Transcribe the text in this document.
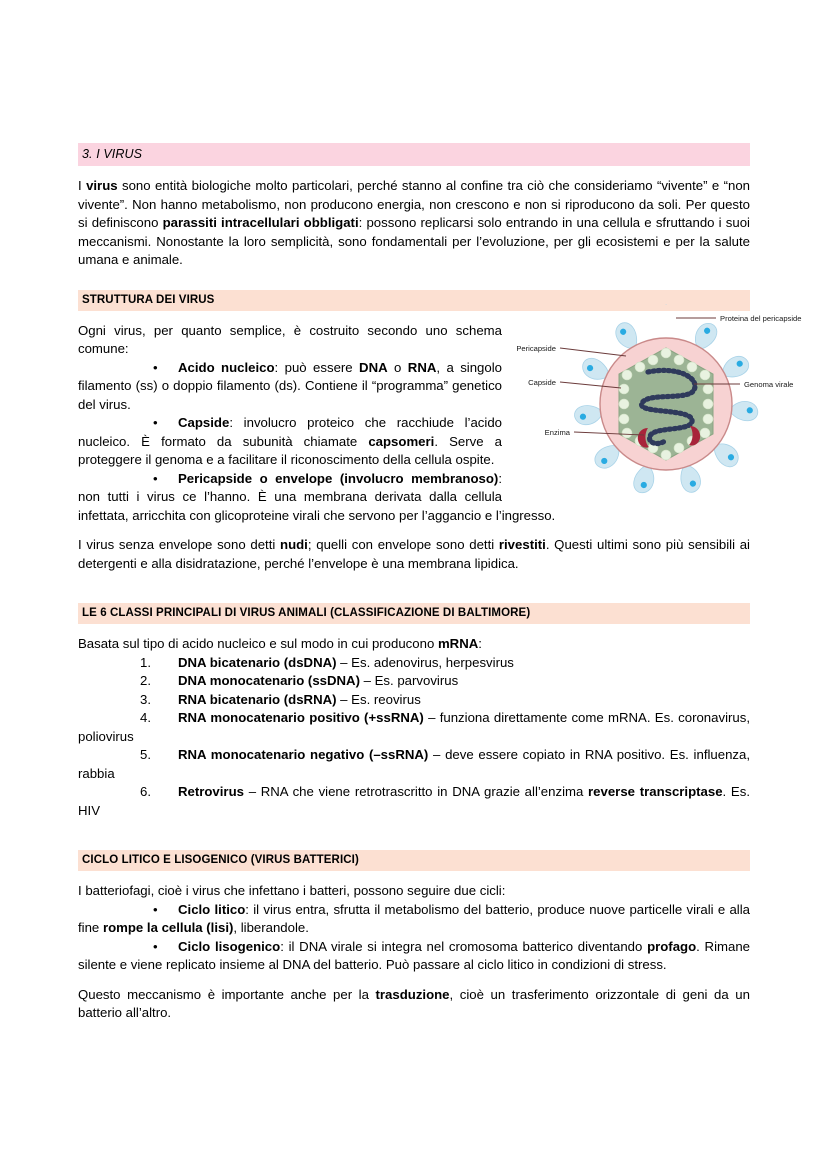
3. I VIRUS

I virus sono entità biologiche molto particolari, perché stanno al confine tra ciò che consideriamo “vivente” e “non vivente”. Non hanno metabolismo, non producono energia, non crescono e non si riproducono da soli. Per questo si definiscono parassiti intracellulari obbligati: possono replicarsi solo entrando in una cellula e sfruttando i suoi meccanismi. Nonostante la loro semplicità, sono fondamentali per l’evoluzione, per gli ecosistemi e per la salute umana e animale.

STRUTTURA DEI VIRUS
Pericapside
Capside
Enzima
Proteina del pericapside
Genoma virale

Ogni virus, per quanto semplice, è costruito secondo uno schema comune:

• Acido nucleico: può essere DNA o RNA, a singolo filamento (ss) o doppio filamento (ds). Contiene il “programma” genetico del virus.

• Capside: involucro proteico che racchiude l’acido nucleico. È formato da subunità chiamate capsomeri. Serve a proteggere il genoma e a facilitare il riconoscimento della cellula ospite.

• Pericapside o envelope (involucro membranoso): non tutti i virus ce l’hanno. È una membrana derivata dalla cellula infettata, arricchita con glicoproteine virali che servono per l’aggancio e l’ingresso.

I virus senza envelope sono detti nudi; quelli con envelope sono detti rivestiti. Questi ultimi sono più sensibili ai detergenti e alla disidratazione, perché l’envelope è una membrana lipidica.

LE 6 CLASSI PRINCIPALI DI VIRUS ANIMALI (CLASSIFICAZIONE DI BALTIMORE)

Basata sul tipo di acido nucleico e sul modo in cui producono mRNA:

1. DNA bicatenario (dsDNA) – Es. adenovirus, herpesvirus

2. DNA monocatenario (ssDNA) – Es. parvovirus

3. RNA bicatenario (dsRNA) – Es. reovirus

4. RNA monocatenario positivo (+ssRNA) – funziona direttamente come mRNA. Es. coronavirus, poliovirus

5. RNA monocatenario negativo (–ssRNA) – deve essere copiato in RNA positivo. Es. influenza, rabbia

6. Retrovirus – RNA che viene retrotrascritto in DNA grazie all’enzima reverse transcriptase. Es. HIV

CICLO LITICO E LISOGENICO (VIRUS BATTERICI)

I batteriofagi, cioè i virus che infettano i batteri, possono seguire due cicli:

• Ciclo litico: il virus entra, sfrutta il metabolismo del batterio, produce nuove particelle virali e alla fine rompe la cellula (lisi), liberandole.

• Ciclo lisogenico: il DNA virale si integra nel cromosoma batterico diventando profago. Rimane silente e viene replicato insieme al DNA del batterio. Può passare al ciclo litico in condizioni di stress.

Questo meccanismo è importante anche per la trasduzione, cioè un trasferimento orizzontale di geni da un batterio all’altro.
